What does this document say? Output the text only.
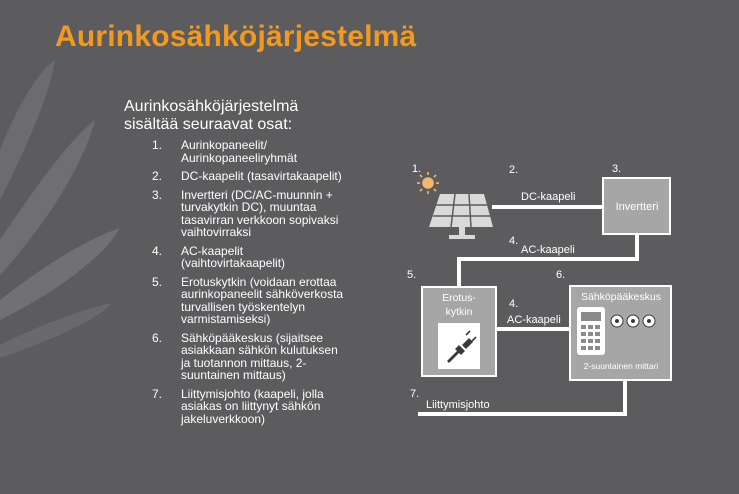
Aurinkosähköjärjestelmä
Aurinkosähköjärjestelmä
sisältää seuraavat osat:
1.	Aurinkopaneelit/
Aurinkopaneeliryhmät
2.	DC-kaapelit (tasavirtakaapelit)
3.	Invertteri (DC/AC-muunnin +
turvakytkin DC), muuntaa
tasavirran verkkoon sopivaksi
vaihtovirraksi
4.	AC-kaapelit
(vaihtovirtakaapelit)
5.	Erotuskytkin (voidaan erottaa
aurinkopaneelit sähköverkosta
turvallisen työskentelyn
varmistamiseksi)
6.	Sähköpääkeskus (sijaitsee
asiakkaan sähkön kulutuksen
ja tuotannon mittaus, 2-
suuntainen mittaus)
7.	Liittymisjohto (kaapeli, jolla
asiakas on liittynyt sähkön
jakeluverkkoon)
Invertteri
Erotus-
kytkin
Sähköpääkeskus
2-suuntainen mittari
1.	2.	3.
4.
5.	6.
4.
7.
DC-kaapeli
AC-kaapeli
AC-kaapeli
Liittymisjohto
